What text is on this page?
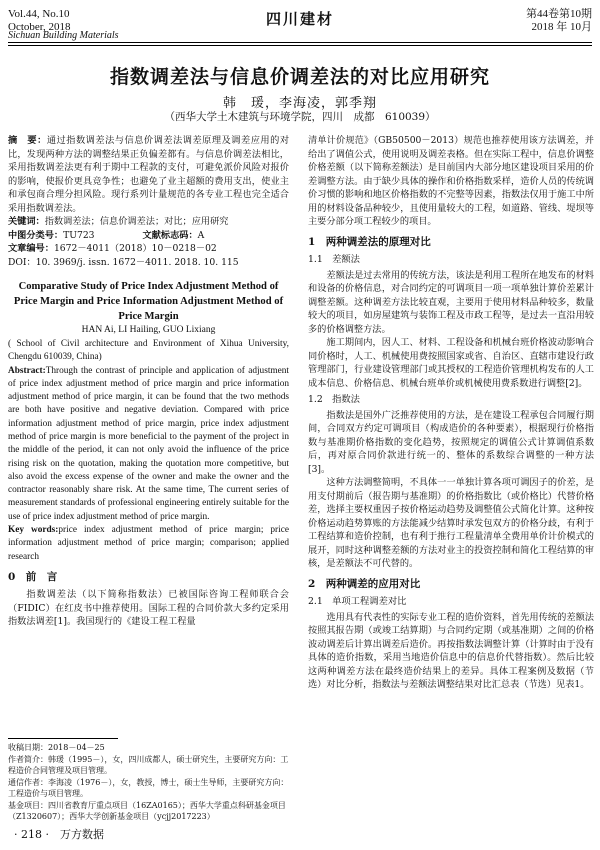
Vol.44, No.10
October, 2018	四川建材
Sichuan Building Materials
第44卷第10期
2018 年 10月
指数调差法与信息价调差法的对比应用研究
韩　瑗，李海凌，郭季翔
（西华大学土木建筑与环境学院，四川　成都　610039）

摘　要：通过指数调差法与信息价调差法调差原理及调差应用的对比，发现两种方法的调整结果正负偏差都有。与信息价调差法相比，采用指数调差法更有利于期中工程款的支付，可避免派价风险对报价的影响，使报价更具竞争性；也避免了业主超额的费用支出，使业主和承包商合理分担风险。现行系列计量规范的各专业工程也完全适合采用指数调差法。

关键词：指数调差法；信息价调差法；对比；应用研究

中图分类号：TU723	文献标志码：A

文章编号：1672－4011（2018）10－0218－02

DOI：10. 3969/j. issn. 1672－4011. 2018. 10. 115

Comparative Study of Price Index Adjustment Method of Price Margin and Price Information Adjustment Method of Price Margin
HAN Ai, LI Hailing, GUO Lixiang
( School of Civil architecture and Environment of Xihua University, Chengdu 610039, China)

Abstract:Through the contrast of principle and application of adjustment of price index adjustment method of price margin and price information adjustment method of price margin, it can be found that the two methods are both have positive and negative deviation. Compared with price information adjustment method of price margin, price index adjustment method of price margin is more beneficial to the payment of the project in the middle of the period, it can not only avoid the influence of the price rising risk on the quotation, making the quotation more competitive, but also avoid the excess expense of the owner and make the owner and the contractor reasonably share risk. At the same time, The current series of measurement standards of professional engineering entirely suitable for the use of price index adjustment method of price margin.

Key words:price index adjustment method of price margin; price information adjustment method of price margin; comparison; applied research

0　前　言

指数调差法（以下简称指数法）已被国际咨询工程师联合会（FIDIC）在红皮书中推荐使用。国际工程的合同价款大多约定采用指数法调差[1]。我国现行的《建设工程工程量

收稿日期：2018－04－25
作者简介：韩瑗（1995－），女，四川成都人，硕士研究生，主要研究方向：工程造价合同管理及项目管理。
通信作者：李海凌（1976－），女，教授，博士，硕士生导师，主要研究方向：工程造价与项目管理。
基金项目：四川省教育厅重点项目（16ZA0165）；西华大学重点科研基金项目（Z1320607）；西华大学创新基金项目（ycjj2017223）
· 218 ·　 万方数据

清单计价规范》（GB50500－2013）规范也推荐使用该方法调差，并给出了调值公式，使用说明及调差表格。但在实际工程中，信息价调整价格差额（以下简称差额法）是目前国内大部分地区建设项目采用的价差调整方法。由于缺少具体的操作和价格指数采样，造价人员的传统调价习惯的影响和地区价格指数的不完整等因素，指数法仅用于施工中所用的材料设备品种较少，且使用量较大的工程，如道路、管线、堤坝等主要分部分项工程较少的项目。

1　两种调差法的原理对比
1.1　差额法

差额法是过去常用的传统方法，该法是利用工程所在地发布的材料和设备的价格信息，对合同约定的可调项目一项一项单独计算价差累计调整差额。这种调差方法比较直观，主要用于使用材料品种较多，数量较大的项目，如房屋建筑与装饰工程及市政工程等，是过去一直沿用较多的价格调整方法。

施工期间内，因人工、材料、工程设备和机械台班价格波动影响合同价格时，人工、机械使用费按照国家或省、自治区、直辖市建设行政管理部门，行业建设管理部门或其授权的工程造价管理机构发布的人工成本信息、价格信息、机械台班单价或机械使用费系数进行调整[2]。

1.2　指数法

指数法是国外广泛推荐使用的方法，是在建设工程承包合同履行期间，合同双方约定可调项目（构成造价的各种要素），根据现行价格指数与基准期价格指数的变化趋势，按照规定的调值公式计算调值系数后，再对原合同价款进行统一的、整体的系数综合调整的一种方法[3]。

这种方法调整简明，不具体一一单独计算各项可调因子的价差，是用支付期前后（报告期与基准期）的价格指数比（或价格比）代替价格差，选择主要权重因子按价格运动趋势及调整值公式简化计算。这种按价格运动趋势算账的方法能减少结算时承发包双方的价格分歧，有利于工程结算和造价控制，也有利于推行工程量清单全费用单价计价模式的展开，同时这种调整差额的方法对业主的投资控制和简化工程结算的审核，是差额法不可代替的。

2　两种调差的应用对比
2.1　单项工程调差对比

选用具有代表性的实际专业工程的造价资料，首先用传统的差额法按照其报告期（或竣工结算期）与合同约定期（或基准期）之间的价格波动调差后计算出调差后造价。再按指数法调整计算（计算时由于没有具体的造价指数，采用当地造价信息中的信息价代替指数）。然后比较这两种调差方法在最终造价结果上的差异。具体工程案例及数据（节选）对比分析，指数法与差额法调整结果对比汇总表（节选）见表1。
